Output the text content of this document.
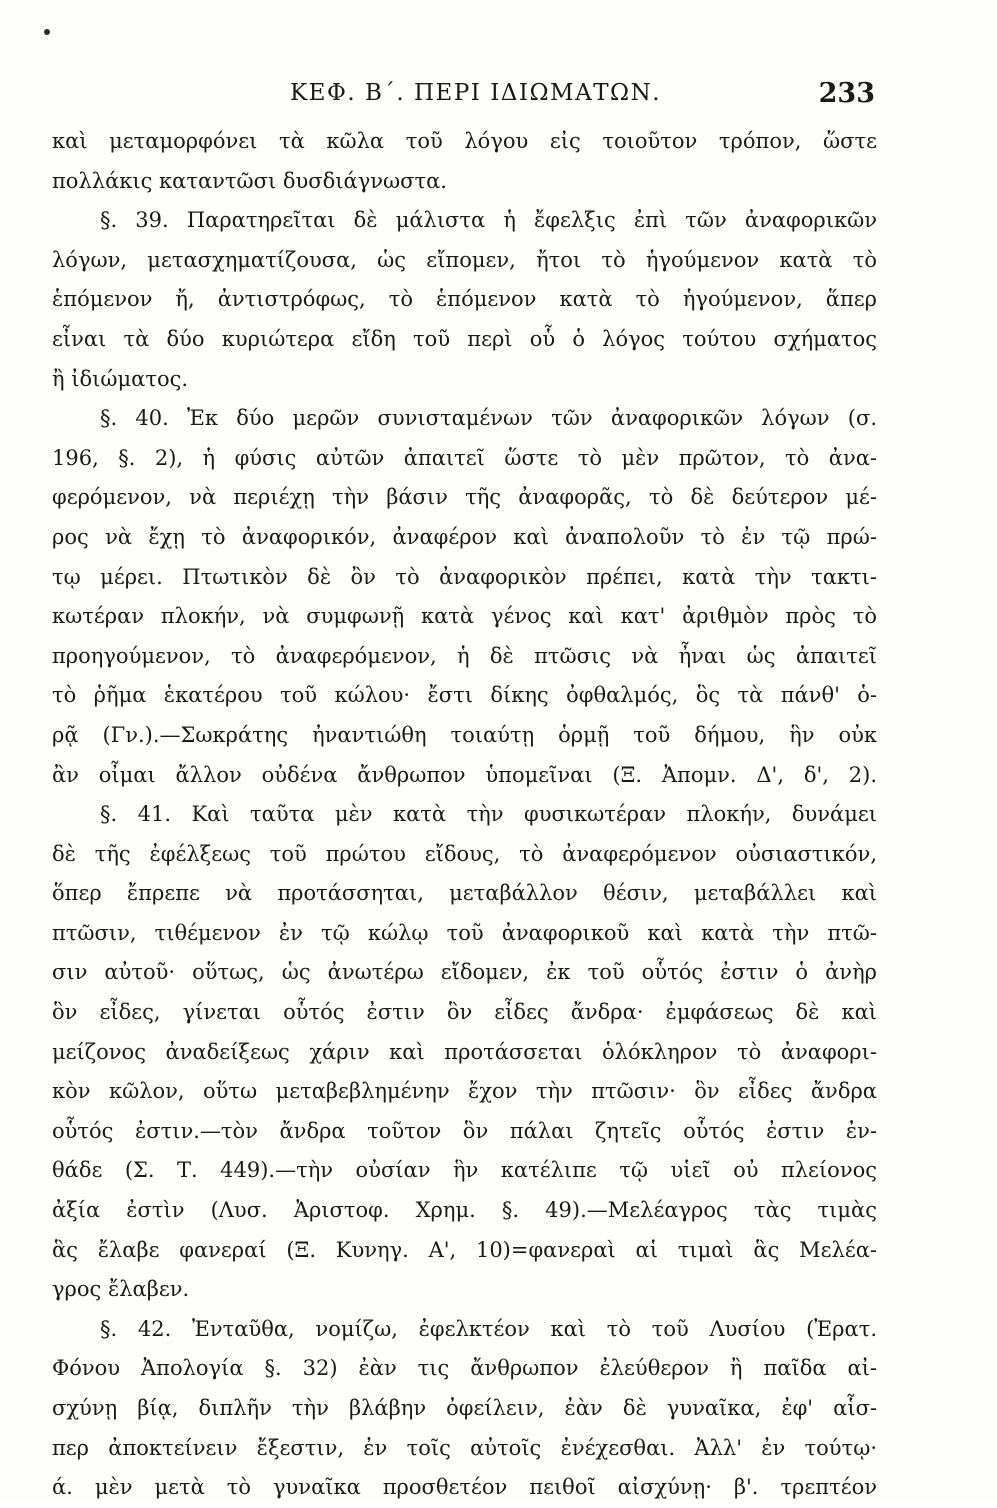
ΚΕΦ. Β΄. ΠΕΡΙ ΙΔΙΩΜΑΤΩΝ.	233
καὶ μεταμορφόνει τὰ κῶλα τοῦ λόγου εἰς τοιοῦτον τρόπον, ὥστε
πολλάκις καταντῶσι δυσδιάγνωστα.
§. 39. Παρατηρεῖται δὲ μάλιστα ἡ ἔφελξις ἐπὶ τῶν ἀναφορικῶν
λόγων, μετασχηματίζουσα, ὡς εἴπομεν, ἤτοι τὸ ἡγούμενον κατὰ τὸ
ἑπόμενον ἤ, ἀντιστρόφως, τὸ ἑπόμενον κατὰ τὸ ἡγούμενον, ἅπερ
εἶναι τὰ δύο κυριώτερα εἴδη τοῦ περὶ οὗ ὁ λόγος τούτου σχήματος
ἢ ἰδιώματος.
§. 40. Ἐκ δύο μερῶν συνισταμένων τῶν ἀναφορικῶν λόγων (σ.
196, §. 2), ἡ φύσις αὐτῶν ἀπαιτεῖ ὥστε τὸ μὲν πρῶτον, τὸ ἀνα-
φερόμενον, νὰ περιέχῃ τὴν βάσιν τῆς ἀναφορᾶς, τὸ δὲ δεύτερον μέ-
ρος νὰ ἔχῃ τὸ ἀναφορικόν, ἀναφέρον καὶ ἀναπολοῦν τὸ ἐν τῷ πρώ-
τῳ μέρει. Πτωτικὸν δὲ ὂν τὸ ἀναφορικὸν πρέπει, κατὰ τὴν τακτι-
κωτέραν πλοκήν, νὰ συμφωνῇ κατὰ γένος καὶ κατ' ἀριθμὸν πρὸς τὸ
προηγούμενον, τὸ ἀναφερόμενον, ἡ δὲ πτῶσις νὰ ἦναι ὡς ἀπαιτεῖ
τὸ ῥῆμα ἑκατέρου τοῦ κώλου· ἔστι δίκης ὀφθαλμός, ὃς τὰ πάνθ' ὁ-
ρᾷ (Γν.).—Σωκράτης ἠναντιώθη τοιαύτῃ ὁρμῇ τοῦ δήμου, ἣν οὐκ
ἂν οἶμαι ἄλλον οὐδένα ἄνθρωπον ὑπομεῖναι (Ξ. Ἀπομν. Δ', δ', 2).
§. 41. Καὶ ταῦτα μὲν κατὰ τὴν φυσικωτέραν πλοκήν, δυνάμει
δὲ τῆς ἐφέλξεως τοῦ πρώτου εἴδους, τὸ ἀναφερόμενον οὐσιαστικόν,
ὅπερ ἔπρεπε νὰ προτάσσηται, μεταβάλλον θέσιν, μεταβάλλει καὶ
πτῶσιν, τιθέμενον ἐν τῷ κώλῳ τοῦ ἀναφορικοῦ καὶ κατὰ τὴν πτῶ-
σιν αὐτοῦ· οὕτως, ὡς ἀνωτέρω εἴδομεν, ἐκ τοῦ οὗτός ἐστιν ὁ ἀνὴρ
ὃν εἶδες, γίνεται οὗτός ἐστιν ὃν εἶδες ἄνδρα· ἐμφάσεως δὲ καὶ
μείζονος ἀναδείξεως χάριν καὶ προτάσσεται ὁλόκληρον τὸ ἀναφορι-
κὸν κῶλον, οὕτω μεταβεβλημένην ἔχον τὴν πτῶσιν· ὃν εἶδες ἄνδρα
οὗτός ἐστιν.—τὸν ἄνδρα τοῦτον ὃν πάλαι ζητεῖς οὗτός ἐστιν ἐν-
θάδε (Σ. Τ. 449).—τὴν οὐσίαν ἣν κατέλιπε τῷ υἱεῖ οὐ πλείονος
ἀξία ἐστὶν (Λυσ. Ἀριστοφ. Χρημ. §. 49).—Μελέαγρος τὰς τιμὰς
ἃς ἔλαβε φανεραί (Ξ. Κυνηγ. Α', 10)=φανεραὶ αἱ τιμαὶ ἃς Μελέα-
γρος ἔλαβεν.
§. 42. Ἐνταῦθα, νομίζω, ἐφελκτέον καὶ τὸ τοῦ Λυσίου (Ἐρατ.
Φόνου Ἀπολογία §. 32) ἐὰν τις ἄνθρωπον ἐλεύθερον ἢ παῖδα αἰ-
σχύνῃ βίᾳ, διπλῆν τὴν βλάβην ὀφείλειν, ἐὰν δὲ γυναῖκα, ἐφ' αἷσ-
περ ἀποκτείνειν ἔξεστιν, ἐν τοῖς αὐτοῖς ἐνέχεσθαι. Ἀλλ' ἐν τούτῳ·
ά. μὲν μετὰ τὸ γυναῖκα προσθετέον πειθοῖ αἰσχύνῃ· β'. τρεπτέον
